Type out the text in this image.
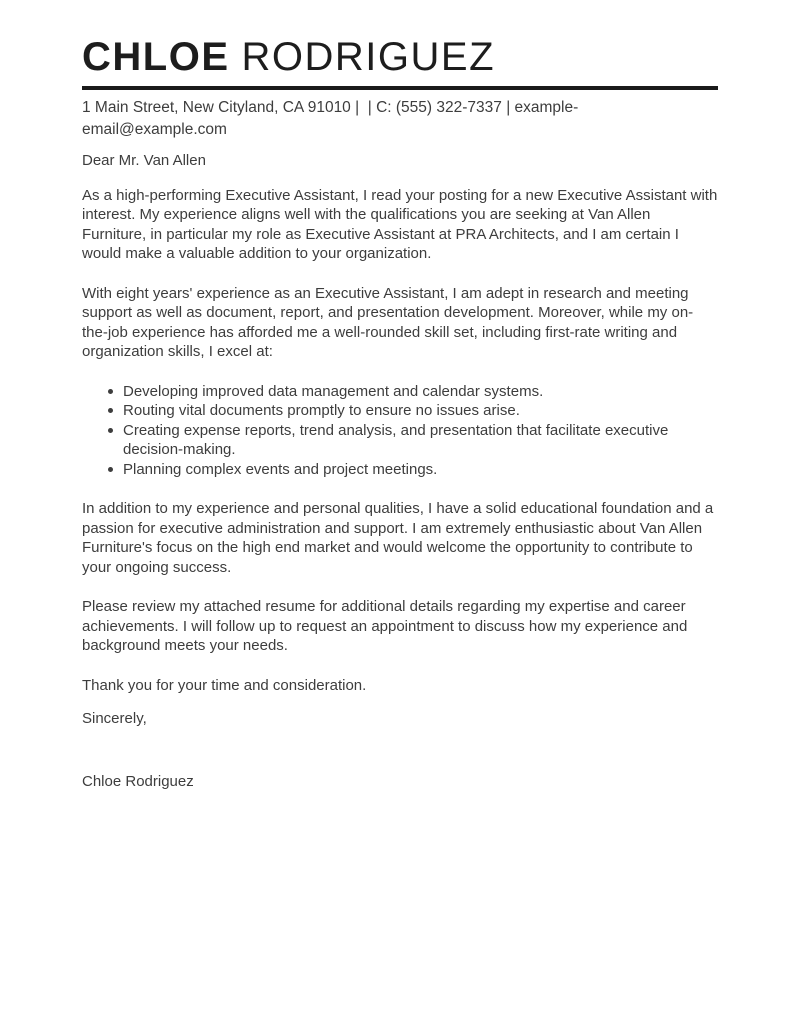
CHLOE RODRIGUEZ

1 Main Street, New Cityland, CA 91010 |  | C: (555) 322-7337 | example-email@example.com

Dear Mr. Van Allen

As a high-performing Executive Assistant, I read your posting for a new Executive Assistant with interest. My experience aligns well with the qualifications you are seeking at Van Allen Furniture, in particular my role as Executive Assistant at PRA Architects, and I am certain I would make a valuable addition to your organization.

With eight years' experience as an Executive Assistant, I am adept in research and meeting support as well as document, report, and presentation development. Moreover, while my on-the-job experience has afforded me a well-rounded skill set, including first-rate writing and organization skills, I excel at:

Developing improved data management and calendar systems.
Routing vital documents promptly to ensure no issues arise.
Creating expense reports, trend analysis, and presentation that facilitate executive decision-making.
Planning complex events and project meetings.

In addition to my experience and personal qualities, I have a solid educational foundation and a passion for executive administration and support. I am extremely enthusiastic about Van Allen Furniture's focus on the high end market and would welcome the opportunity to contribute to your ongoing success.

Please review my attached resume for additional details regarding my expertise and career achievements. I will follow up to request an appointment to discuss how my experience and background meets your needs.

Thank you for your time and consideration.

Sincerely,

Chloe Rodriguez
